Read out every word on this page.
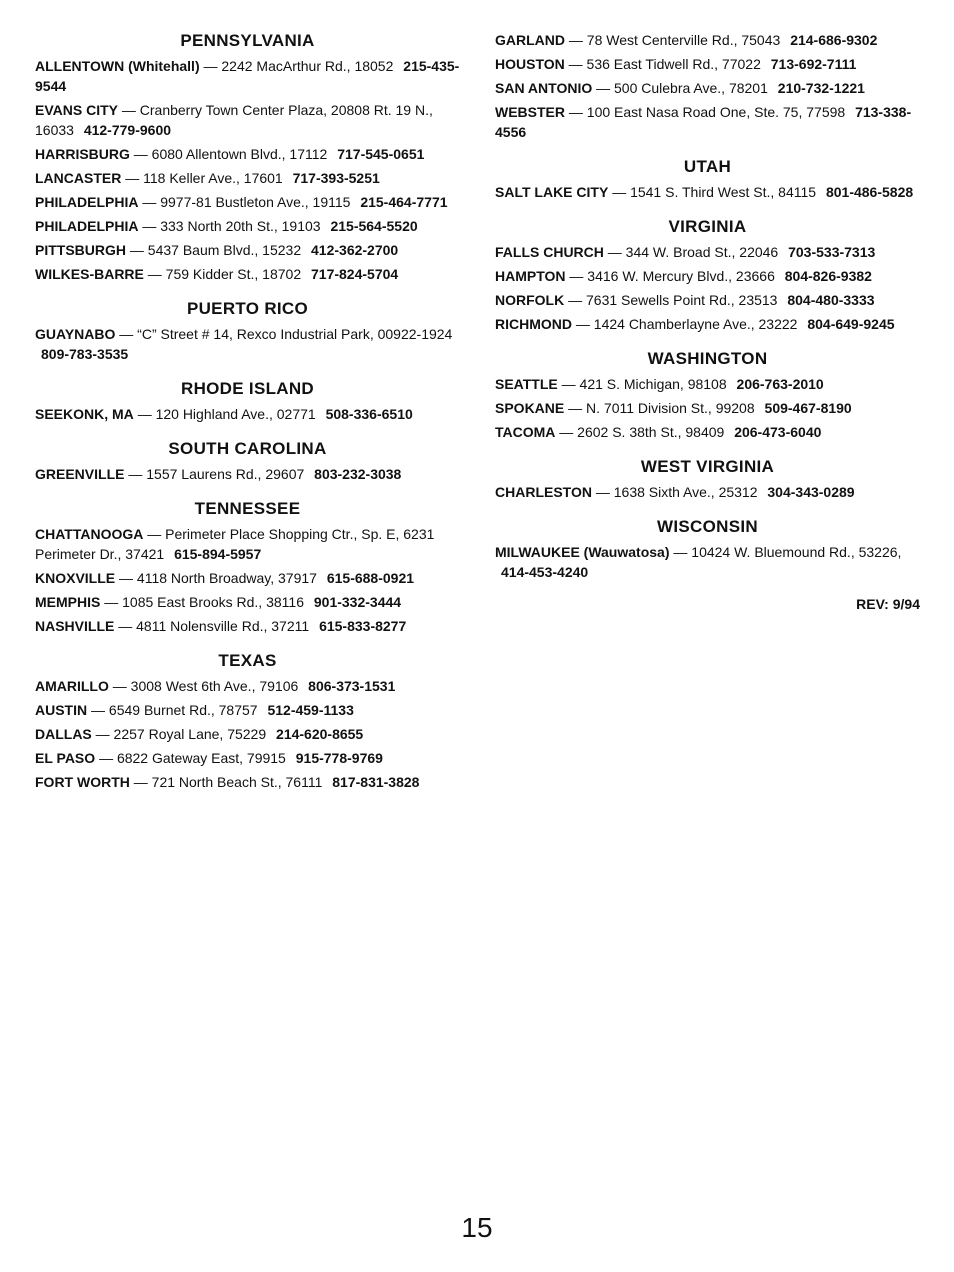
PENNSYLVANIA
ALLENTOWN (Whitehall) — 2242 MacArthur Rd., 18052 215-435-9544
EVANS CITY — Cranberry Town Center Plaza, 20808 Rt. 19 N., 16033 412-779-9600
HARRISBURG — 6080 Allentown Blvd., 17112 717-545-0651
LANCASTER — 118 Keller Ave., 17601 717-393-5251
PHILADELPHIA — 9977-81 Bustleton Ave., 19115 215-464-7771
PHILADELPHIA — 333 North 20th St., 19103 215-564-5520
PITTSBURGH — 5437 Baum Blvd., 15232 412-362-2700
WILKES-BARRE — 759 Kidder St., 18702 717-824-5704
PUERTO RICO
GUAYNABO — “C” Street # 14, Rexco Industrial Park, 00922-1924 809-783-3535
RHODE ISLAND
SEEKONK, MA — 120 Highland Ave., 02771 508-336-6510
SOUTH CAROLINA
GREENVILLE — 1557 Laurens Rd., 29607 803-232-3038
TENNESSEE
CHATTANOOGA — Perimeter Place Shopping Ctr., Sp. E, 6231 Perimeter Dr., 37421 615-894-5957
KNOXVILLE — 4118 North Broadway, 37917 615-688-0921
MEMPHIS — 1085 East Brooks Rd., 38116 901-332-3444
NASHVILLE — 4811 Nolensville Rd., 37211 615-833-8277
TEXAS
AMARILLO — 3008 West 6th Ave., 79106 806-373-1531
AUSTIN — 6549 Burnet Rd., 78757 512-459-1133
DALLAS — 2257 Royal Lane, 75229 214-620-8655
EL PASO — 6822 Gateway East, 79915 915-778-9769
FORT WORTH — 721 North Beach St., 76111 817-831-3828
GARLAND — 78 West Centerville Rd., 75043 214-686-9302
HOUSTON — 536 East Tidwell Rd., 77022 713-692-7111
SAN ANTONIO — 500 Culebra Ave., 78201 210-732-1221
WEBSTER — 100 East Nasa Road One, Ste. 75, 77598 713-338-4556
UTAH
SALT LAKE CITY — 1541 S. Third West St., 84115 801-486-5828
VIRGINIA
FALLS CHURCH — 344 W. Broad St., 22046 703-533-7313
HAMPTON — 3416 W. Mercury Blvd., 23666 804-826-9382
NORFOLK — 7631 Sewells Point Rd., 23513 804-480-3333
RICHMOND — 1424 Chamberlayne Ave., 23222 804-649-9245
WASHINGTON
SEATTLE — 421 S. Michigan, 98108 206-763-2010
SPOKANE — N. 7011 Division St., 99208 509-467-8190
TACOMA — 2602 S. 38th St., 98409 206-473-6040
WEST VIRGINIA
CHARLESTON — 1638 Sixth Ave., 25312 304-343-0289
WISCONSIN
MILWAUKEE (Wauwatosa) — 10424 W. Bluemound Rd., 53226, 414-453-4240
REV: 9/94
15
